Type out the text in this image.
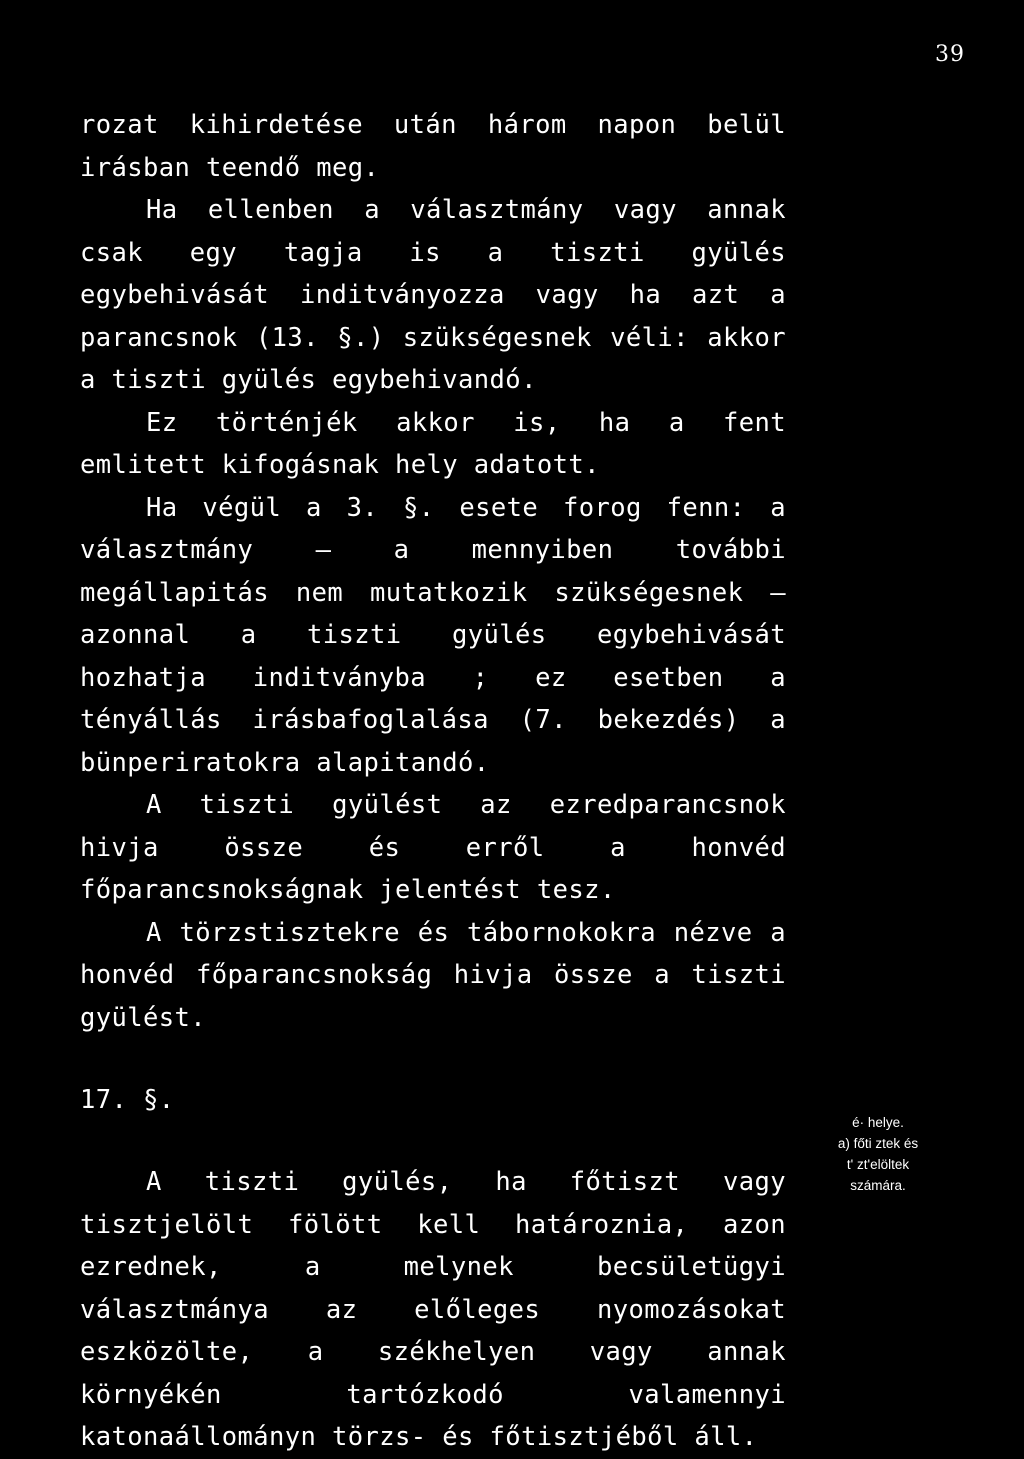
39

rozat kihirdetése után három napon belül irásban teendő meg.

Ha ellenben a választmány vagy annak csak egy tagja is a tiszti gyülés egybehivását inditványozza vagy ha azt a parancsnok (13. §.) szükségesnek véli: akkor a tiszti gyülés egybehivandó.

Ez történjék akkor is, ha a fent emlitett kifogásnak hely adatott.

Ha végül a 3. §. esete forog fenn: a választmány — a mennyiben további megállapitás nem mutatkozik szükségesnek — azonnal a tiszti gyülés egybehivását hozhatja inditványba ; ez esetben a tényállás irásbafoglalása (7. bekezdés) a bünperiratokra alapitandó.

A tiszti gyülést az ezredparancsnok hivja össze és erről a honvéd főparancsnokságnak jelentést tesz.

A törzstisztekre és tábornokokra nézve a honvéd főparancsnokság hivja össze a tiszti gyülést.

17. §.

A tiszti gyülés, ha főtiszt vagy tisztjelölt fölött kell határoznia, azon ezrednek, a melynek becsületügyi választmánya az előleges nyomozásokat eszközölte, a székhelyen vagy annak környékén tartózkodó valamennyi katonaállományn törzs- és főtisztjéből áll.

é· helye.
a) főti ztek és
t' zt'elöltek
számára.
